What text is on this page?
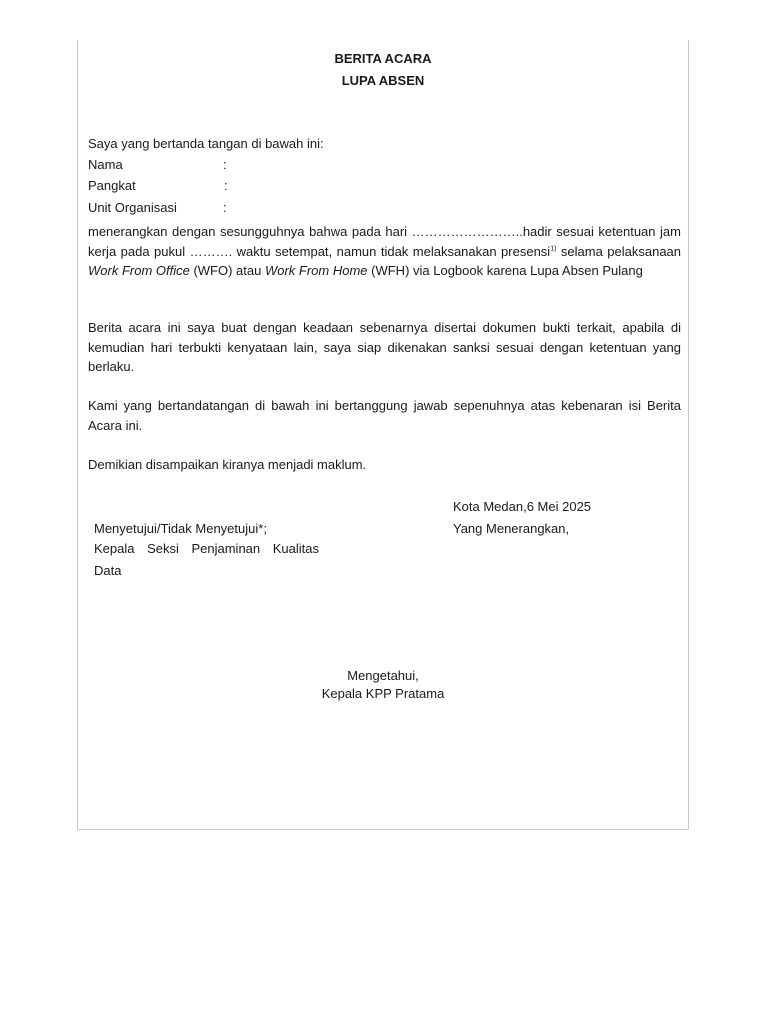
BERITA ACARA
LUPA ABSEN
Saya yang bertanda tangan di bawah ini:
Nama	:
Pangkat	:
Unit Organisasi	:
menerangkan dengan sesungguhnya bahwa pada hari ……………………..hadir sesuai ketentuan jam kerja pada pukul ………. waktu setempat, namun tidak melaksanakan presensi$^{1)}$ selama pelaksanaan Work From Office (WFO) atau Work From Home (WFH) via Logbook karena Lupa Absen Pulang
Berita acara ini saya buat dengan keadaan sebenarnya disertai dokumen bukti terkait, apabila di kemudian hari terbukti kenyataan lain, saya siap dikenakan sanksi sesuai dengan ketentuan yang berlaku.
Kami yang bertandatangan di bawah ini bertanggung jawab sepenuhnya atas kebenaran isi Berita Acara ini.
Demikian disampaikan kiranya menjadi maklum.
Kota Medan,6 Mei 2025
Yang Menerangkan,
Menyetujui/Tidak Menyetujui*;
Kepala Seksi Penjaminan Kualitas
Data
Mengetahui,
Kepala KPP Pratama
